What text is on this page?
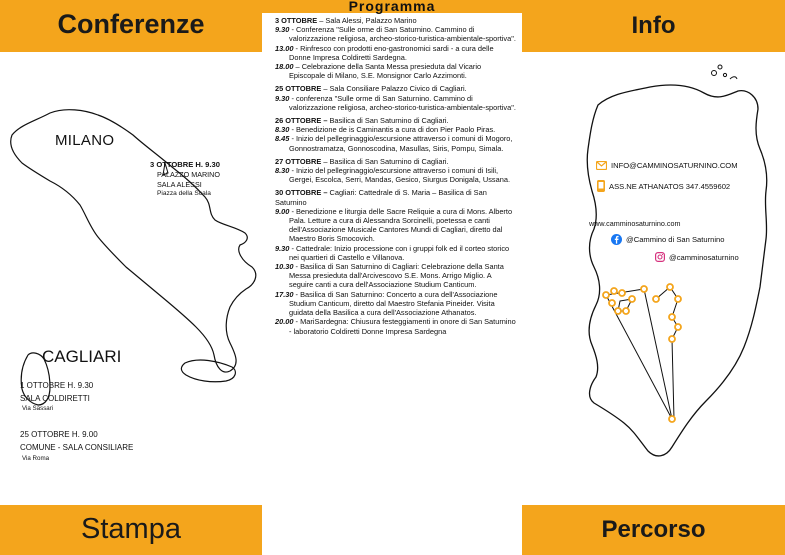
Conferenze
Programma
Info
Stampa	Percorso
MILANO
3 OTTOBRE H. 9.30
PALAZZO MARINO
SALA ALESSI
Piazza della Scala
CAGLIARI
1 OTTOBRE H. 9.30
SALA COLDIRETTI
Via Sassari
25 OTTOBRE H. 9.00
COMUNE - SALA CONSILIARE
Via Roma
3 OTTOBRE – Sala Alessi, Palazzo Marino
9.30 - Conferenza "Sulle orme di San Saturnino. Cammino di valorizzazione religiosa, archeo-storico-turistica-ambientale-sportiva".
13.00 - Rinfresco con prodotti eno-gastronomici sardi - a cura delle Donne Impresa Coldiretti Sardegna.
18.00 – Celebrazione della Santa Messa presieduta dal Vicario Episcopale di Milano, S.E. Monsignor Carlo Azzimonti.
25 OTTOBRE – Sala Consiliare Palazzo Civico di Cagliari.
9.30 - conferenza "Sulle orme di San Saturnino. Cammino di valorizzazione religiosa, archeo-storico-turistica-ambientale-sportiva".
26 OTTOBRE – Basilica di San Saturnino di Cagliari.
8.30 - Benedizione de is Caminantis a cura di don Pier Paolo Piras.
8.45 - Inizio del pellegrinaggio/escursione attraverso i comuni di Mogoro, Gonnostramatza, Gonnoscodina, Masullas, Siris, Pompu, Simala.
27 OTTOBRE – Basilica di San Saturnino di Cagliari.
8.30 - Inizio del pellegrinaggio/escursione attraverso i comuni di Isili, Gergei, Escolca, Serri, Mandas, Gesico, Siurgus Donigala, Ussana.
30 OTTOBRE – Cagliari: Cattedrale di S. Maria – Basilica di San Saturnino
9.00 - Benedizione e liturgia delle Sacre Reliquie a cura di Mons. Alberto Pala. Letture a cura di Alessandra Sorcinelli, poetessa e canti dell'Associazione Musicale Cantores Mundi di Cagliari, diretto dal Maestro Boris Smocovich.
9.30 - Cattedrale: Inizio processione con i gruppi folk ed il corteo storico nei quartieri di Castello e Villanova.
10.30 - Basilica di San Saturnino di Cagliari: Celebrazione della Santa Messa presieduta dall'Arcivescovo S.E. Mons. Arrigo Miglio. A seguire canti a cura dell'Associazione Studium Canticum.
17.30 - Basilica di San Saturnino: Concerto a cura dell'Associazione Studium Canticum, diretto dal Maestro Stefania Pineider. Visita guidata della Basilica a cura dell'Associazione Athanatos.
20.00 - MariSardegna: Chiusura festeggiamenti in onore di San Saturnino - laboratorio Coldiretti Donne Impresa Sardegna
INFO@CAMMINOSATURNINO.COM
ASS.NE ATHANATOS 347.4559602
www.camminosaturnino.com
@Cammino di San Saturnino
@camminosaturnino
